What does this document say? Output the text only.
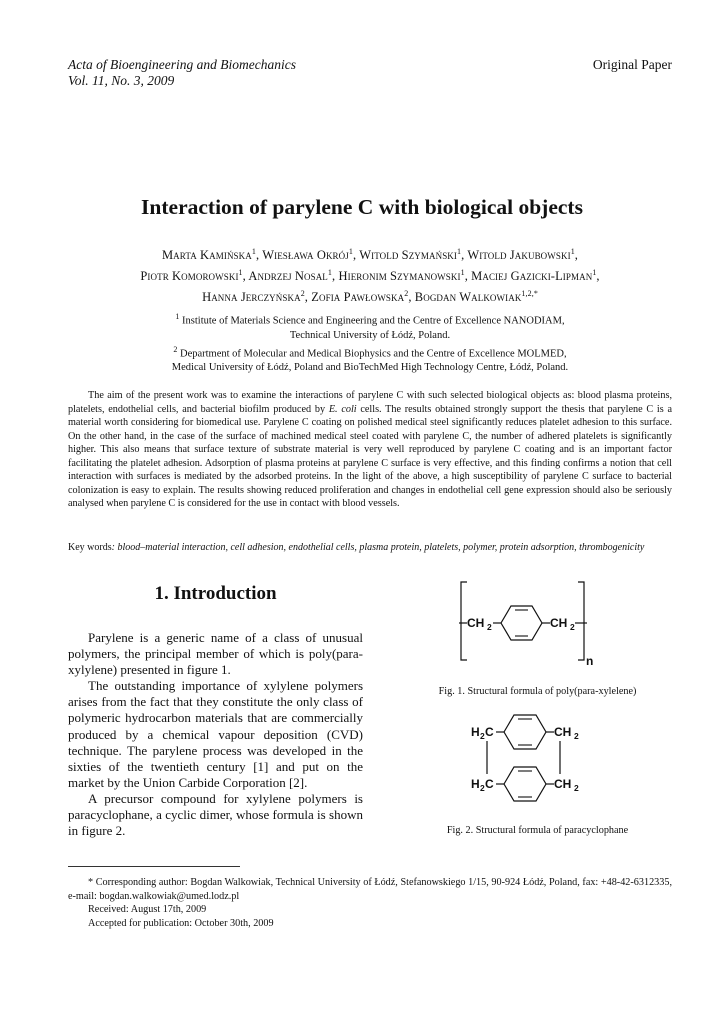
Acta of Bioengineering and Biomechanics
Vol. 11, No. 3, 2009
Original Paper
Interaction of parylene C with biological objects
Marta Kamińska$^1$, Wiesława Okrój$^1$, Witold Szymański$^1$, Witold Jakubowski$^1$,
Piotr Komorowski$^1$, Andrzej Nosal$^1$, Hieronim Szymanowski$^1$, Maciej Gazicki-Lipman$^1$,
Hanna Jerczyńska$^2$, Zofia Pawłowska$^2$, Bogdan Walkowiak$^{1,2,*}$
$^1$ Institute of Materials Science and Engineering and the Centre of Excellence NANODIAM,
Technical University of Łódź, Poland.
$^2$ Department of Molecular and Medical Biophysics and the Centre of Excellence MOLMED,
Medical University of Łódź, Poland and BioTechMed High Technology Centre, Łódź, Poland.
The aim of the present work was to examine the interactions of parylene C with such selected biological objects as: blood plasma proteins, platelets, endothelial cells, and bacterial biofilm produced by E. coli cells. The results obtained strongly support the thesis that parylene C is a material worth considering for biomedical use. Parylene C coating on polished medical steel significantly reduces platelet adhesion to this surface. On the other hand, in the case of the surface of machined medical steel coated with parylene C, the number of adhered platelets is significantly higher. This also means that surface texture of substrate material is very well reproduced by parylene C coating and is an important factor facilitating the platelet adhesion. Adsorption of plasma proteins at parylene C surface is very effective, and this finding confirms a notion that cell interaction with surfaces is mediated by the adsorbed proteins. In the light of the above, a high susceptibility of parylene C surface to bacterial colonization is easy to explain. The results showing reduced proliferation and changes in endothelial cell gene expression should also be seriously analysed when parylene C is considered for the use in contact with blood vessels.
Key words: blood–material interaction, cell adhesion, endothelial cells, plasma protein, platelets, polymer, protein adsorption, thrombogenicity
1. Introduction

Parylene is a generic name of a class of unusual polymers, the principal member of which is poly(para-xylylene) presented in figure 1.

The outstanding importance of xylylene polymers arises from the fact that they constitute the only class of polymeric hydrocarbon materials that are commercially produced by a chemical vapour deposition (CVD) technique. The parylene process was developed in the sixties of the twentieth century [1] and put on the market by the Union Carbide Corporation [2].

A precursor compound for xylylene polymers is paracyclophane, a cyclic dimer, whose formula is shown in figure 2.

CH 2	CH 2
n
Fig. 1. Structural formula of poly(para-xylelene)
H 2 C	CH 2
H 2 C	CH 2
Fig. 2. Structural formula of paracyclophane

* Corresponding author: Bogdan Walkowiak, Technical University of Łódź, Stefanowskiego 1/15, 90-924 Łódź, Poland, fax: +48-42-6312335, e-mail: bogdan.walkowiak@umed.lodz.pl

Received: August 17th, 2009

Accepted for publication: October 30th, 2009
